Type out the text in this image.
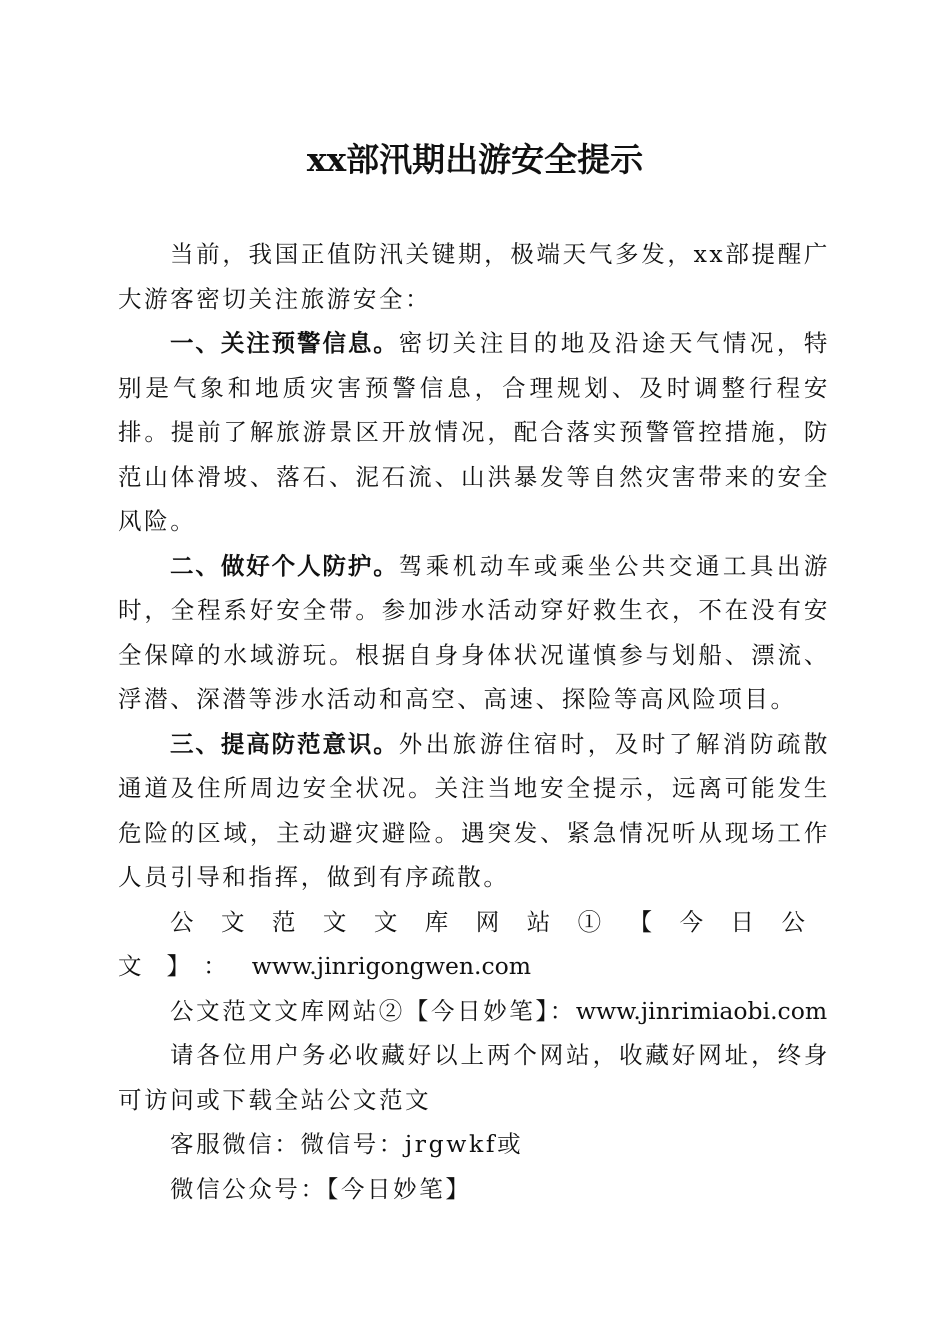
xx部汛期出游安全提示

当前，我国正值防汛关键期，极端天气多发，xx部提醒广大游客密切关注旅游安全：

一、关注预警信息。密切关注目的地及沿途天气情况，特别是气象和地质灾害预警信息，合理规划、及时调整行程安排。提前了解旅游景区开放情况，配合落实预警管控措施，防范山体滑坡、落石、泥石流、山洪暴发等自然灾害带来的安全风险。

二、做好个人防护。驾乘机动车或乘坐公共交通工具出游时，全程系好安全带。参加涉水活动穿好救生衣，不在没有安全保障的水域游玩。根据自身身体状况谨慎参与划船、漂流、浮潜、深潜等涉水活动和高空、高速、探险等高风险项目。

三、提高防范意识。外出旅游住宿时，及时了解消防疏散通道及住所周边安全状况。关注当地安全提示，远离可能发生危险的区域，主动避灾避险。遇突发、紧急情况听从现场工作人员引导和指挥，做到有序疏散。

公文范文文库网站①【今日公文】：www.jinrigongwen.com

公文范文文库网站②【今日妙笔】：www.jinrimiaobi.com

请各位用户务必收藏好以上两个网站，收藏好网址，终身可访问或下载全站公文范文

客服微信：微信号：jrgwkf或

微信公众号：【今日妙笔】
